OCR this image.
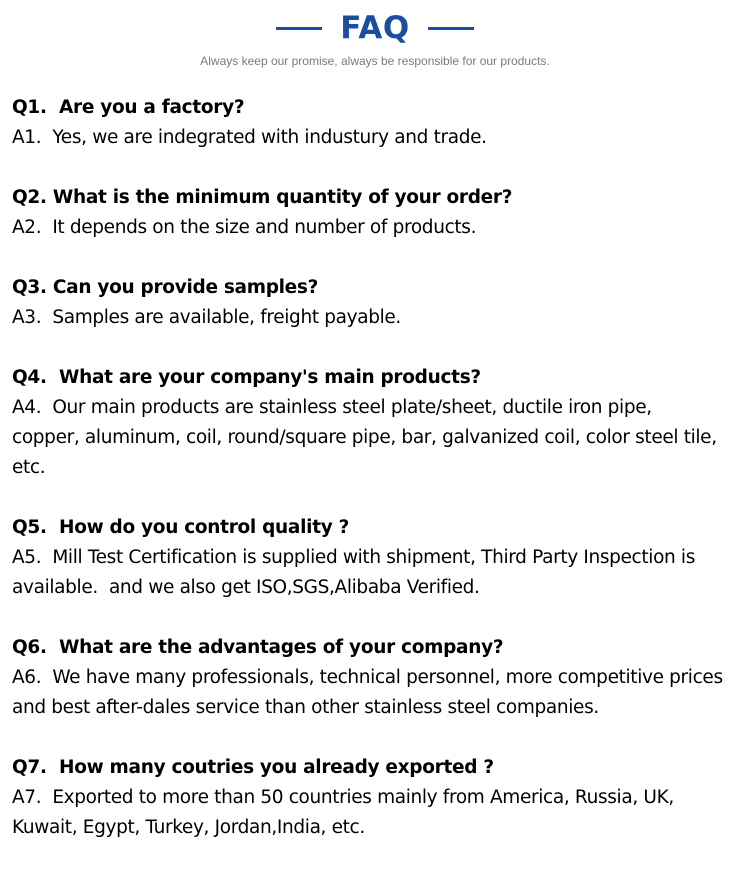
FAQ
Always keep our promise, always be responsible for our products.
Q1.  Are you a factory?
A1.  Yes, we are indegrated with industury and trade.
Q2. What is the minimum quantity of your order?
A2.  It depends on the size and number of products.
Q3. Can you provide samples?
A3.  Samples are available, freight payable.
Q4.  What are your company's main products?
A4.  Our main products are stainless steel plate/sheet, ductile iron pipe,
copper, aluminum, coil, round/square pipe, bar, galvanized coil, color steel tile,
etc.
Q5.  How do you control quality ?
A5.  Mill Test Certification is supplied with shipment, Third Party Inspection is
available.  and we also get ISO,SGS,Alibaba Verified.
Q6.  What are the advantages of your company?
A6.  We have many professionals, technical personnel, more competitive prices
and best after-dales service than other stainless steel companies.
Q7.  How many coutries you already exported ?
A7.  Exported to more than 50 countries mainly from America, Russia, UK,
Kuwait, Egypt, Turkey, Jordan,India, etc.
